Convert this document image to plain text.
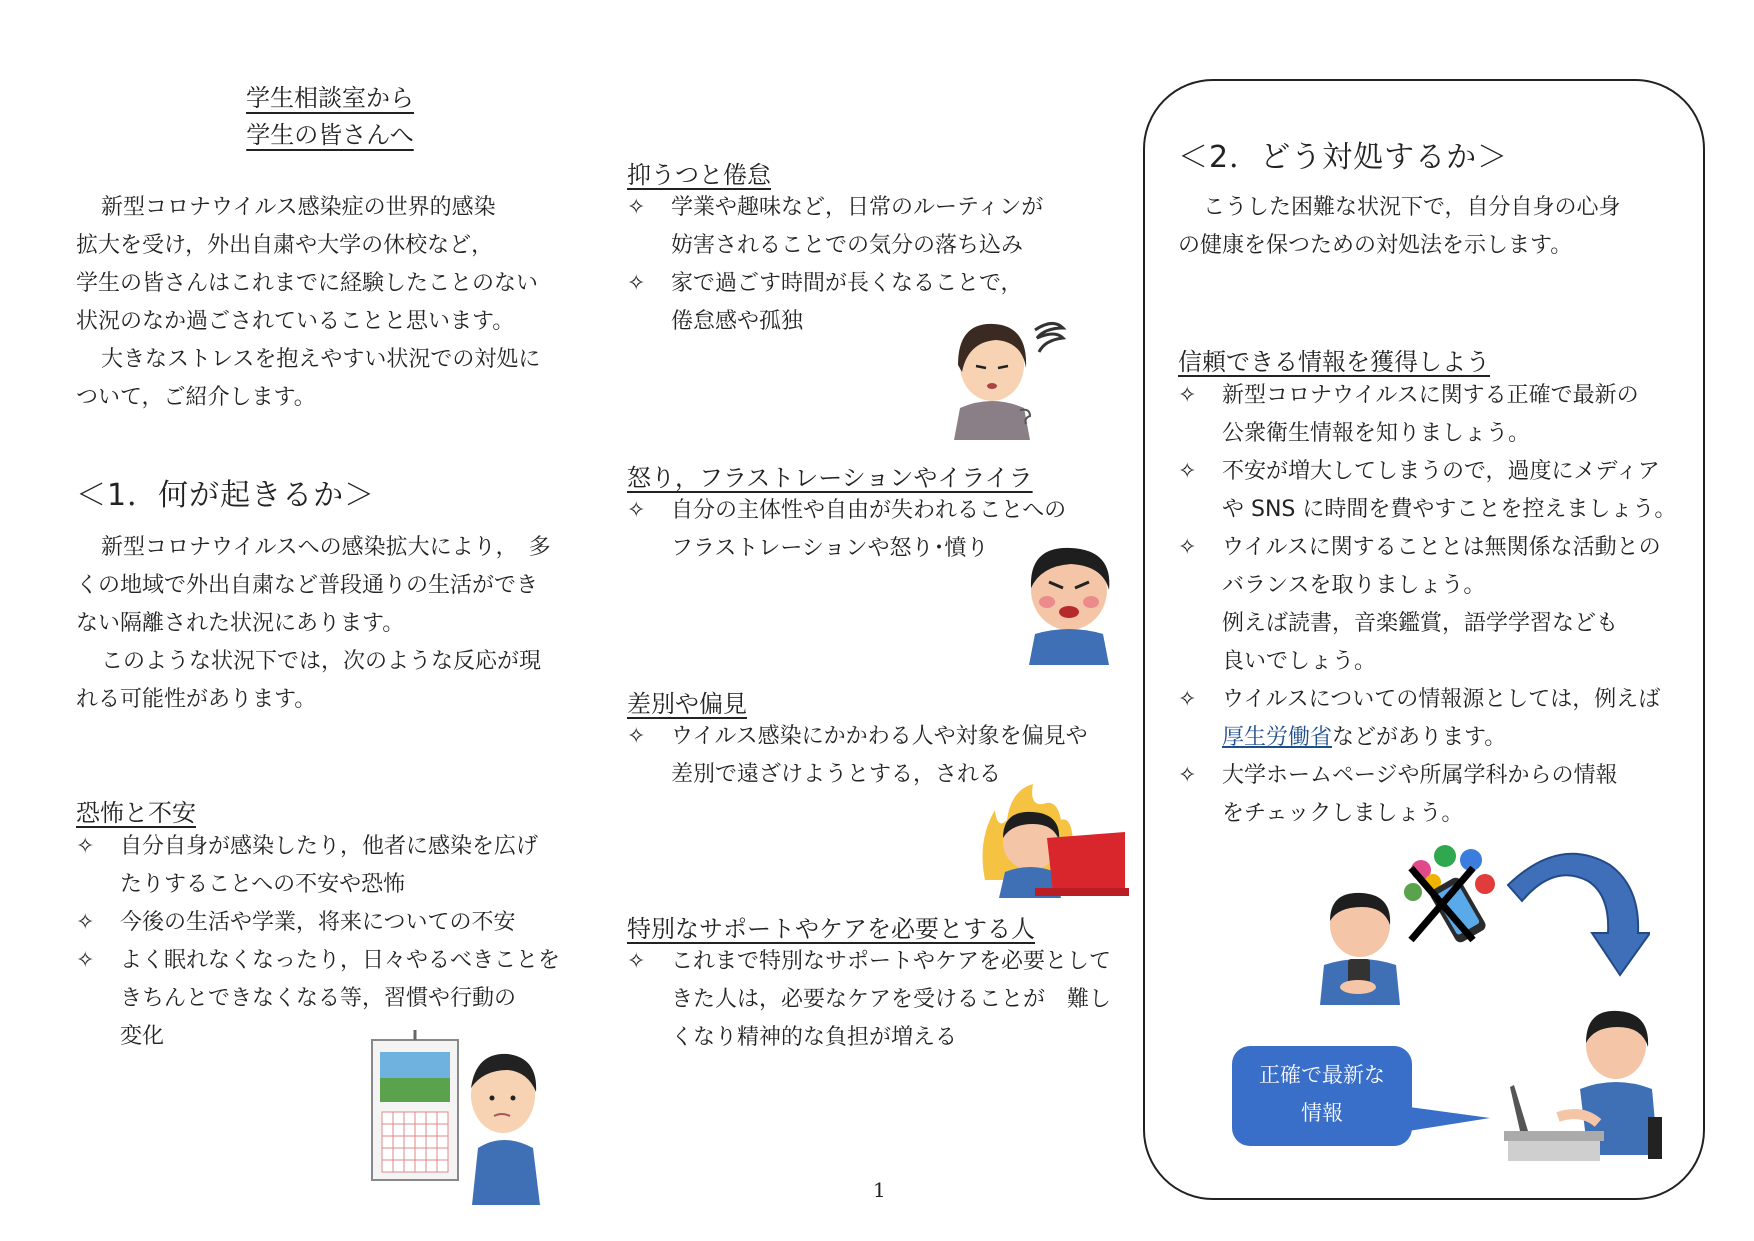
学生相談室から
学生の皆さんへ
新型コロナウイルス感染症の世界的感染
拡大を受け，外出自粛や大学の休校など，
学生の皆さんはこれまでに経験したことのない
状況のなか過ごされていることと思います。
大きなストレスを抱えやすい状況での対処に
ついて，ご紹介します。
＜1．何が起きるか＞
新型コロナウイルスへの感染拡大により，　多
くの地域で外出自粛など普段通りの生活ができ
ない隔離された状況にあります。
このような状況下では，次のような反応が現
れる可能性があります。
恐怖と不安
✧ 自分自身が感染したり，他者に感染を広げ
たりすることへの不安や恐怖
✧ 今後の生活や学業，将来についての不安
✧ よく眠れなくなったり，日々やるべきことを
きちんとできなくなる等，習慣や行動の
変化
抑うつと倦怠
✧ 学業や趣味など，日常のルーティンが
妨害されることでの気分の落ち込み
✧ 家で過ごす時間が長くなることで，
倦怠感や孤独
怒り，フラストレーションやイライラ
✧ 自分の主体性や自由が失われることへの
フラストレーションや怒り･憤り
差別や偏見
✧ ウイルス感染にかかわる人や対象を偏見や
差別で遠ざけようとする，される
特別なサポートやケアを必要とする人
✧ これまで特別なサポートやケアを必要として
きた人は，必要なケアを受けることが　難し
くなり精神的な負担が増える
1
＜2．どう対処するか＞
こうした困難な状況下で，自分自身の心身
の健康を保つための対処法を示します。
信頼できる情報を獲得しよう
✧ 新型コロナウイルスに関する正確で最新の
公衆衛生情報を知りましょう。
✧ 不安が増大してしまうので，過度にメディア
や SNS に時間を費やすことを控えましょう。
✧ ウイルスに関することとは無関係な活動との
バランスを取りましょう。
例えば読書，音楽鑑賞，語学学習なども
良いでしょう。
✧ ウイルスについての情報源としては，例えば
厚生労働省などがあります。
✧ 大学ホームページや所属学科からの情報
をチェックしましょう。
正確で最新な
情報
